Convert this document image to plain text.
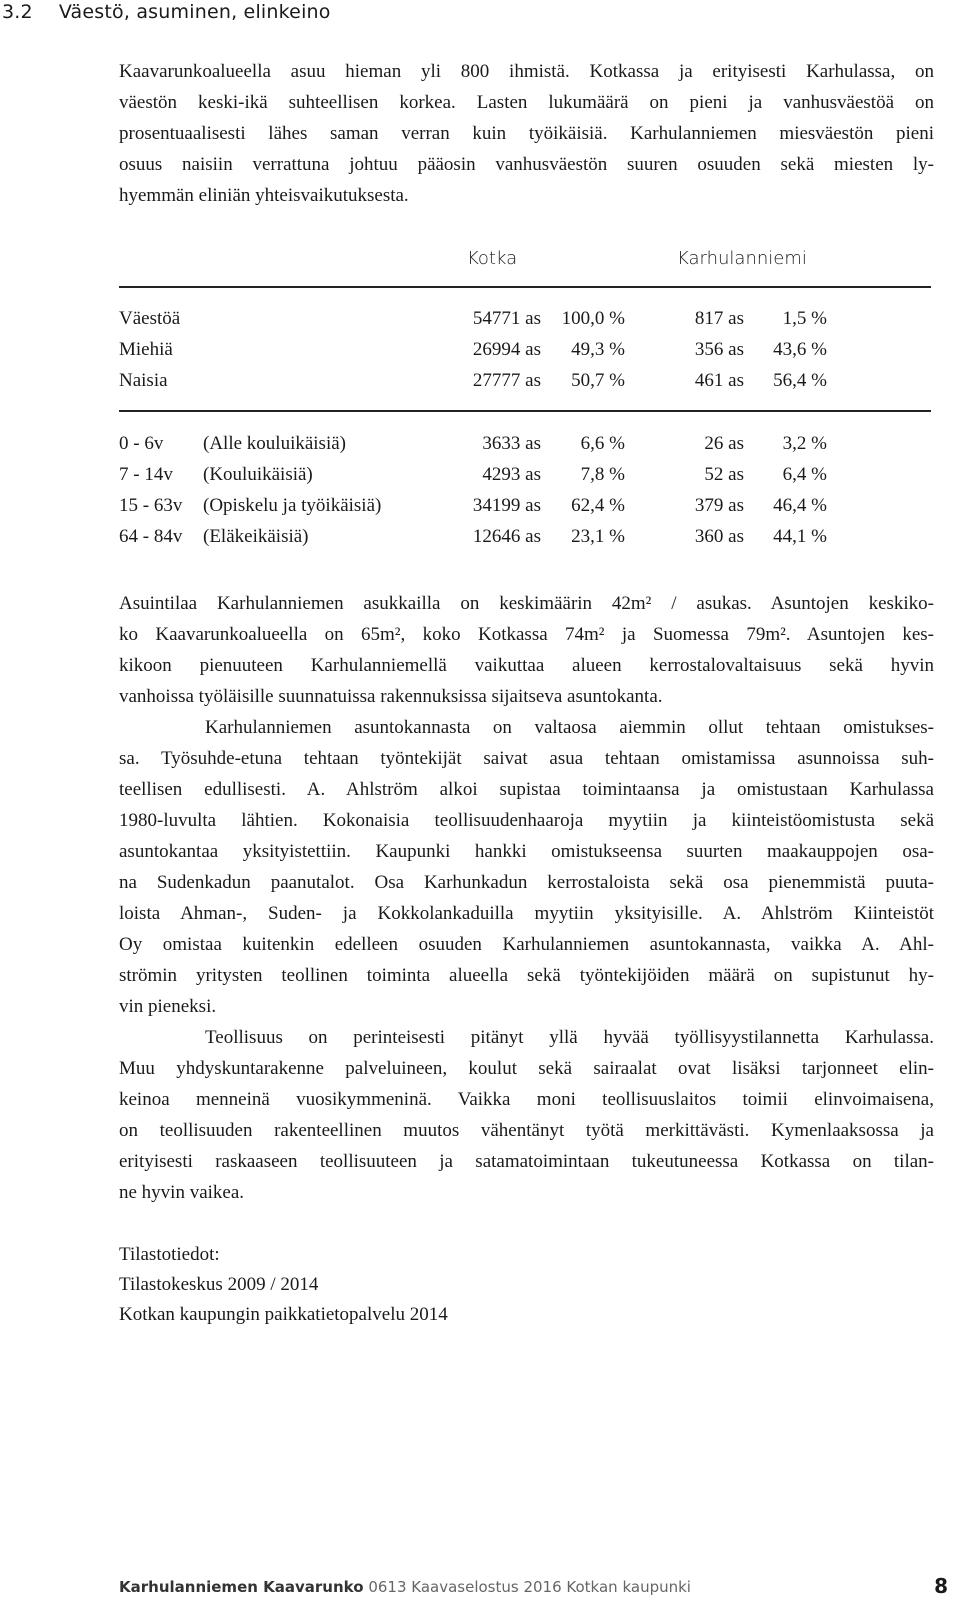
3.2 Väestö, asuminen, elinkeino
Kaavarunkoalueella asuu hieman yli 800 ihmistä. Kotkassa ja erityisesti Karhulassa, on
väestön keski-ikä suhteellisen korkea. Lasten lukumäärä on pieni ja vanhusväestöä on
prosentuaalisesti lähes saman verran kuin työikäisiä. Karhulanniemen miesväestön pieni
osuus naisiin verrattuna johtuu pääosin vanhusväestön suuren osuuden sekä miesten ly-
hyemmän eliniän yhteisvaikutuksesta.
Kotka	Karhulanniemi
Väestöä	54771 as 100,0 %	817 as 1,5 %
Miehiä	26994 as 49,3 %	356 as 43,6 %
Naisia	27777 as 50,7 %	461 as 56,4 %
0 - 6v (Alle kouluikäisiä)	3633 as 6,6 %	26 as 3,2 %
7 - 14v (Kouluikäisiä)	4293 as 7,8 %	52 as 6,4 %
15 - 63v (Opiskelu ja työikäisiä)	34199 as 62,4 %	379 as 46,4 %
64 - 84v (Eläkeikäisiä)	12646 as 23,1 %	360 as 44,1 %
Asuintilaa Karhulanniemen asukkailla on keskimäärin 42m² / asukas. Asuntojen keskiko-
ko Kaavarunkoalueella on 65m², koko Kotkassa 74m² ja Suomessa 79m². Asuntojen kes-
kikoon pienuuteen Karhulanniemellä vaikuttaa alueen kerrostalovaltaisuus sekä hyvin
vanhoissa työläisille suunnatuissa rakennuksissa sijaitseva asuntokanta.
Karhulanniemen asuntokannasta on valtaosa aiemmin ollut tehtaan omistukses-
sa. Työsuhde-etuna tehtaan työntekijät saivat asua tehtaan omistamissa asunnoissa suh-
teellisen edullisesti. A. Ahlström alkoi supistaa toimintaansa ja omistustaan Karhulassa
1980-luvulta lähtien. Kokonaisia teollisuudenhaaroja myytiin ja kiinteistöomistusta sekä
asuntokantaa yksityistettiin. Kaupunki hankki omistukseensa suurten maakauppojen osa-
na Sudenkadun paanutalot. Osa Karhunkadun kerrostaloista sekä osa pienemmistä puuta-
loista Ahman-, Suden- ja Kokkolankaduilla myytiin yksityisille. A. Ahlström Kiinteistöt
Oy omistaa kuitenkin edelleen osuuden Karhulanniemen asuntokannasta, vaikka A. Ahl-
strömin yritysten teollinen toiminta alueella sekä työntekijöiden määrä on supistunut hy-
vin pieneksi.
Teollisuus on perinteisesti pitänyt yllä hyvää työllisyystilannetta Karhulassa.
Muu yhdyskuntarakenne palveluineen, koulut sekä sairaalat ovat lisäksi tarjonneet elin-
keinoa menneinä vuosikymmeninä. Vaikka moni teollisuuslaitos toimii elinvoimaisena,
on teollisuuden rakenteellinen muutos vähentänyt työtä merkittävästi. Kymenlaaksossa ja
erityisesti raskaaseen teollisuuteen ja satamatoimintaan tukeutuneessa Kotkassa on tilan-
ne hyvin vaikea.
Tilastotiedot:
Tilastokeskus 2009 / 2014
Kotkan kaupungin paikkatietopalvelu 2014
Karhulanniemen Kaavarunko 0613 Kaavaselostus 2016 Kotkan kaupunki	8
